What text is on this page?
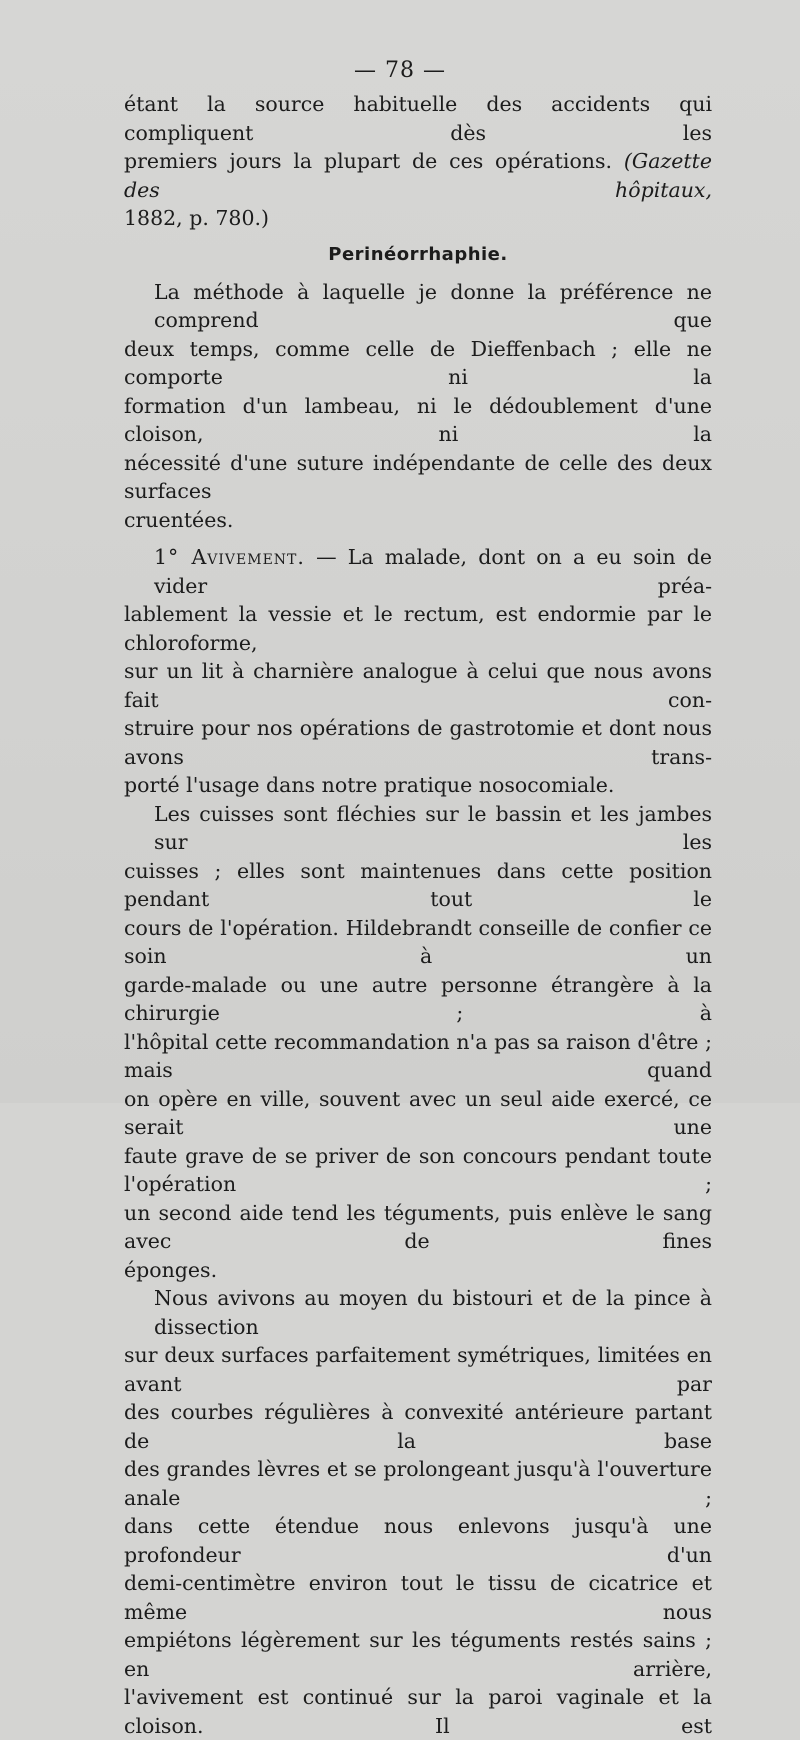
— 78 —

étant la source habituelle des accidents qui compliquent dès les
premiers jours la plupart de ces opérations. (Gazette des hôpitaux,
1882, p. 780.)

Perinéorrhaphie.

La méthode à laquelle je donne la préférence ne comprend que
deux temps, comme celle de Dieffenbach ; elle ne comporte ni la
formation d'un lambeau, ni le dédoublement d'une cloison, ni la
nécessité d'une suture indépendante de celle des deux surfaces
cruentées.

1° Avivement. — La malade, dont on a eu soin de vider préa-
lablement la vessie et le rectum, est endormie par le chloroforme,
sur un lit à charnière analogue à celui que nous avons fait con-
struire pour nos opérations de gastrotomie et dont nous avons trans-
porté l'usage dans notre pratique nosocomiale.

Les cuisses sont fléchies sur le bassin et les jambes sur les
cuisses ; elles sont maintenues dans cette position pendant tout le
cours de l'opération. Hildebrandt conseille de confier ce soin à un
garde-malade ou une autre personne étrangère à la chirurgie ; à
l'hôpital cette recommandation n'a pas sa raison d'être ; mais quand
on opère en ville, souvent avec un seul aide exercé, ce serait une
faute grave de se priver de son concours pendant toute l'opération ;
un second aide tend les téguments, puis enlève le sang avec de fines
éponges.

Nous avivons au moyen du bistouri et de la pince à dissection
sur deux surfaces parfaitement symétriques, limitées en avant par
des courbes régulières à convexité antérieure partant de la base
des grandes lèvres et se prolongeant jusqu'à l'ouverture anale ;
dans cette étendue nous enlevons jusqu'à une profondeur d'un
demi-centimètre environ tout le tissu de cicatrice et même nous
empiétons légèrement sur les téguments restés sains ; en arrière,
l'avivement est continué sur la paroi vaginale et la cloison. Il est
